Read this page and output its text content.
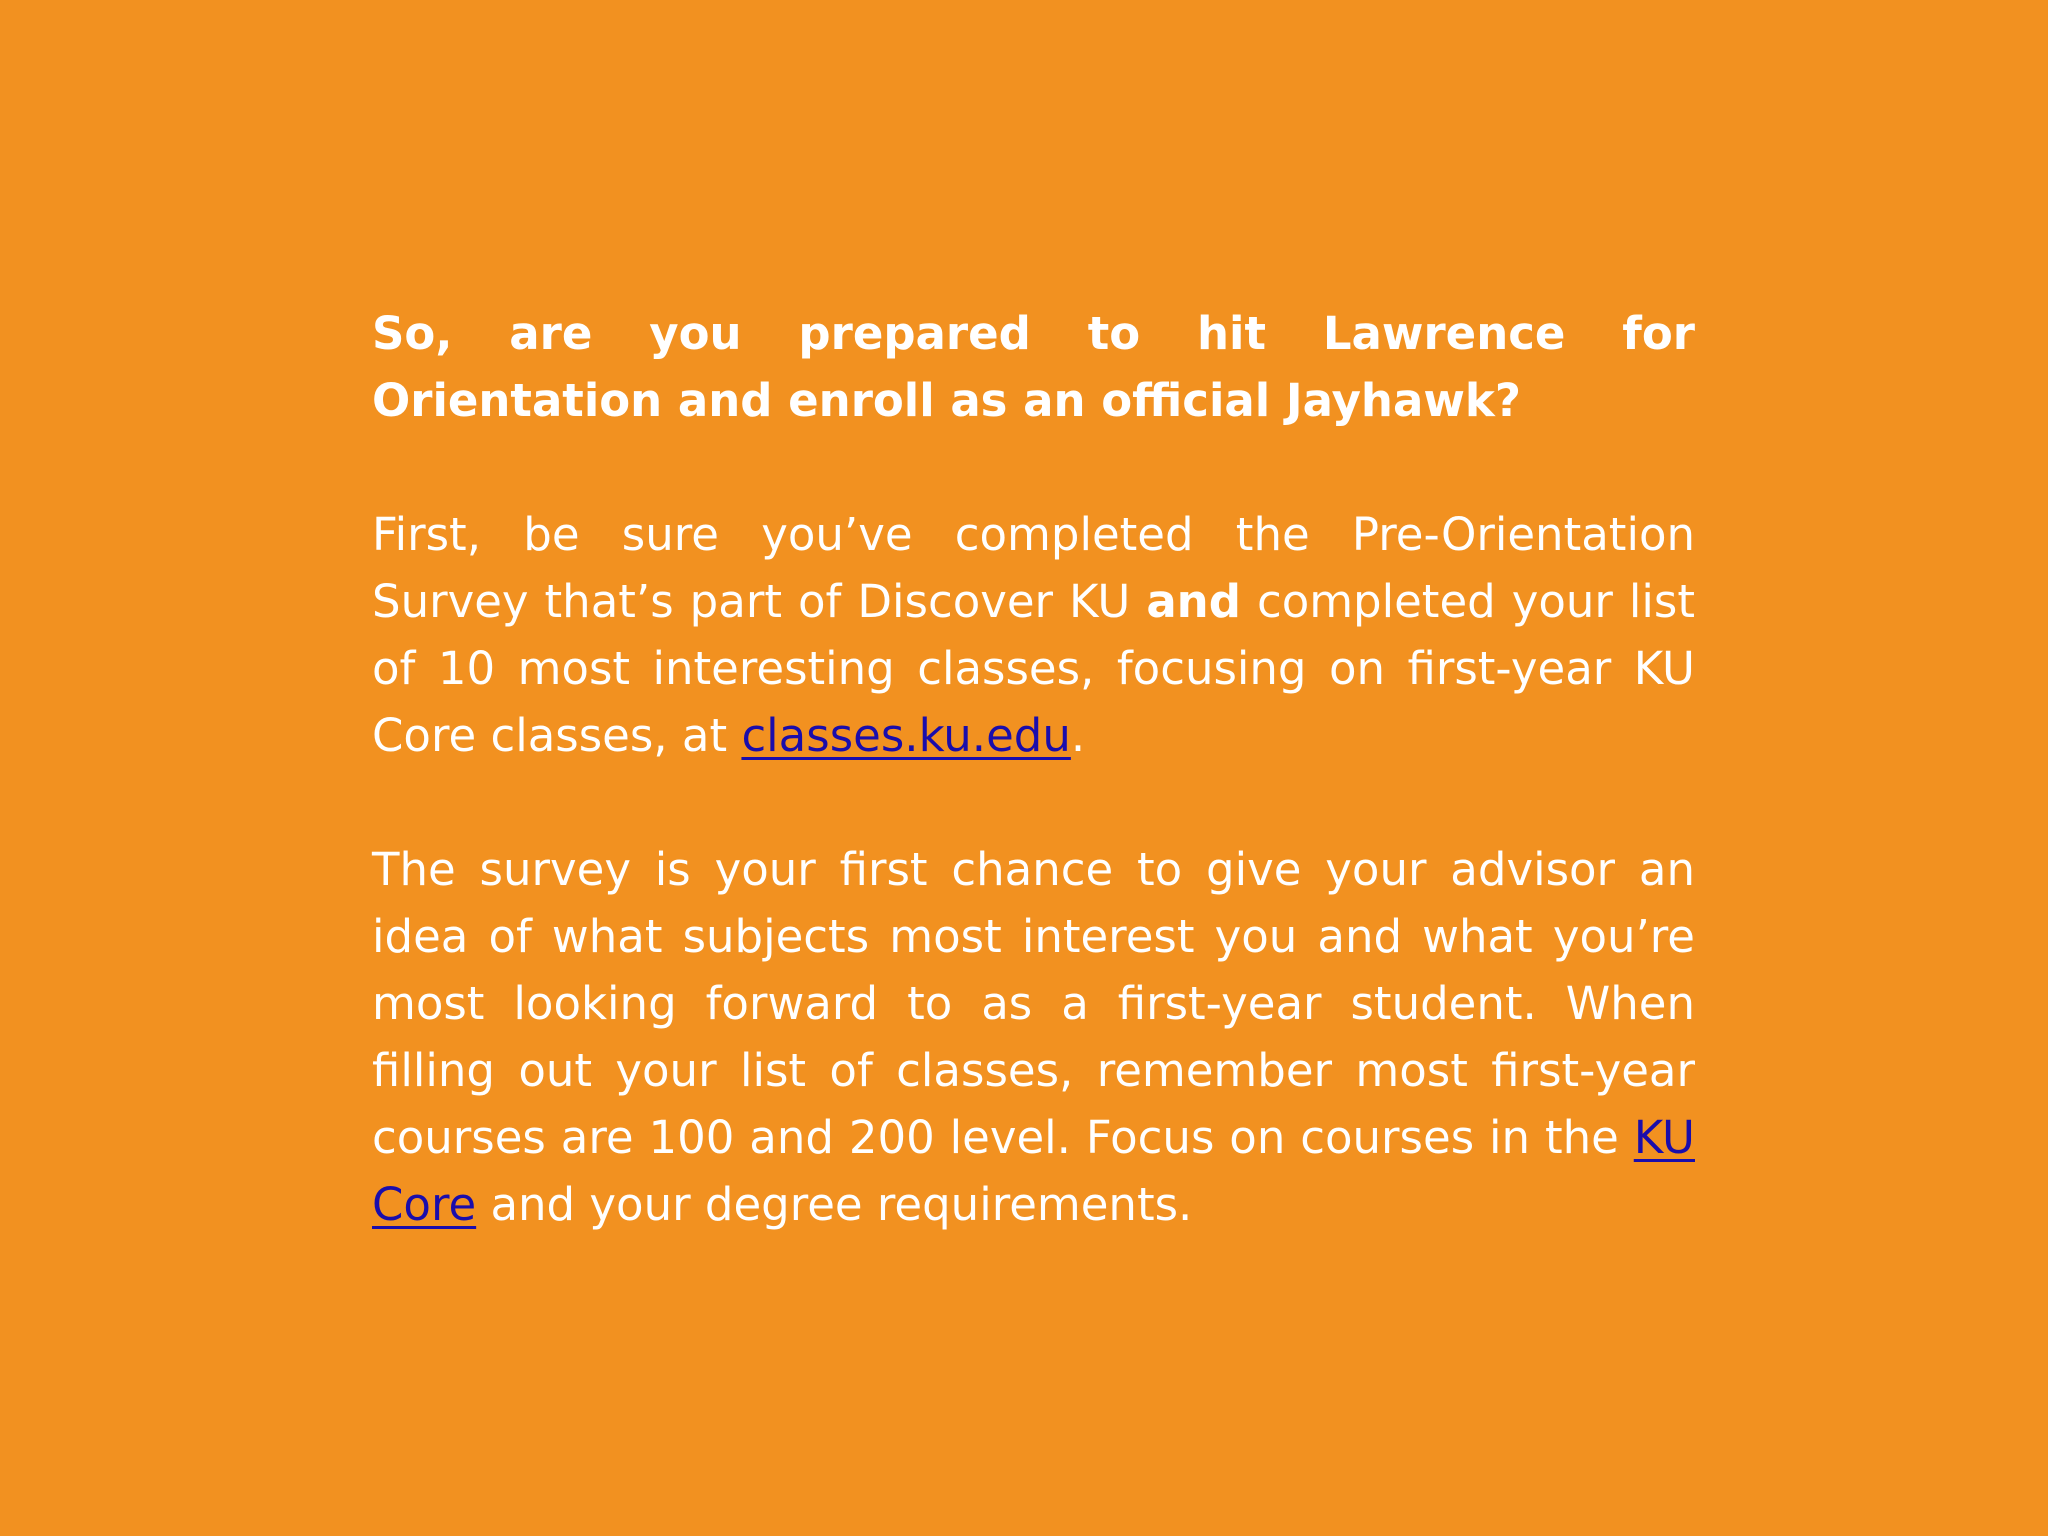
So, are you prepared to hit Lawrence for Orientation and enroll as an official Jayhawk?

First, be sure you’ve completed the Pre-Orientation Survey that’s part of Discover KU and completed your list of 10 most interesting classes, focusing on first-year KU Core classes, at classes.ku.edu.

The survey is your first chance to give your advisor an idea of what subjects most interest you and what you’re most looking forward to as a first-year student. When filling out your list of classes, remember most first-year courses are 100 and 200 level. Focus on courses in the KU Core and your degree requirements.
